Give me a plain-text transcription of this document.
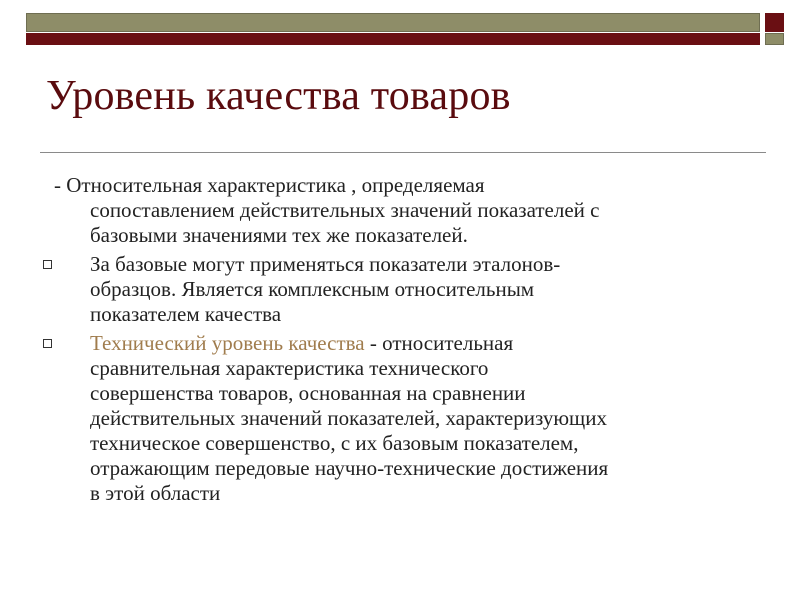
Уровень качества товаров

- Относительная характеристика , определяемая
сопоставлением действительных значений показателей с
базовыми значениями тех же показателей.

За базовые могут применяться показатели эталонов-
образцов. Является комплексным относительным
показателем качества

Технический уровень качества - относительная
сравнительная характеристика технического
совершенства товаров, основанная на сравнении
действительных значений показателей, характеризующих
техническое совершенство, с их базовым показателем,
отражающим передовые научно-технические достижения
в этой области
